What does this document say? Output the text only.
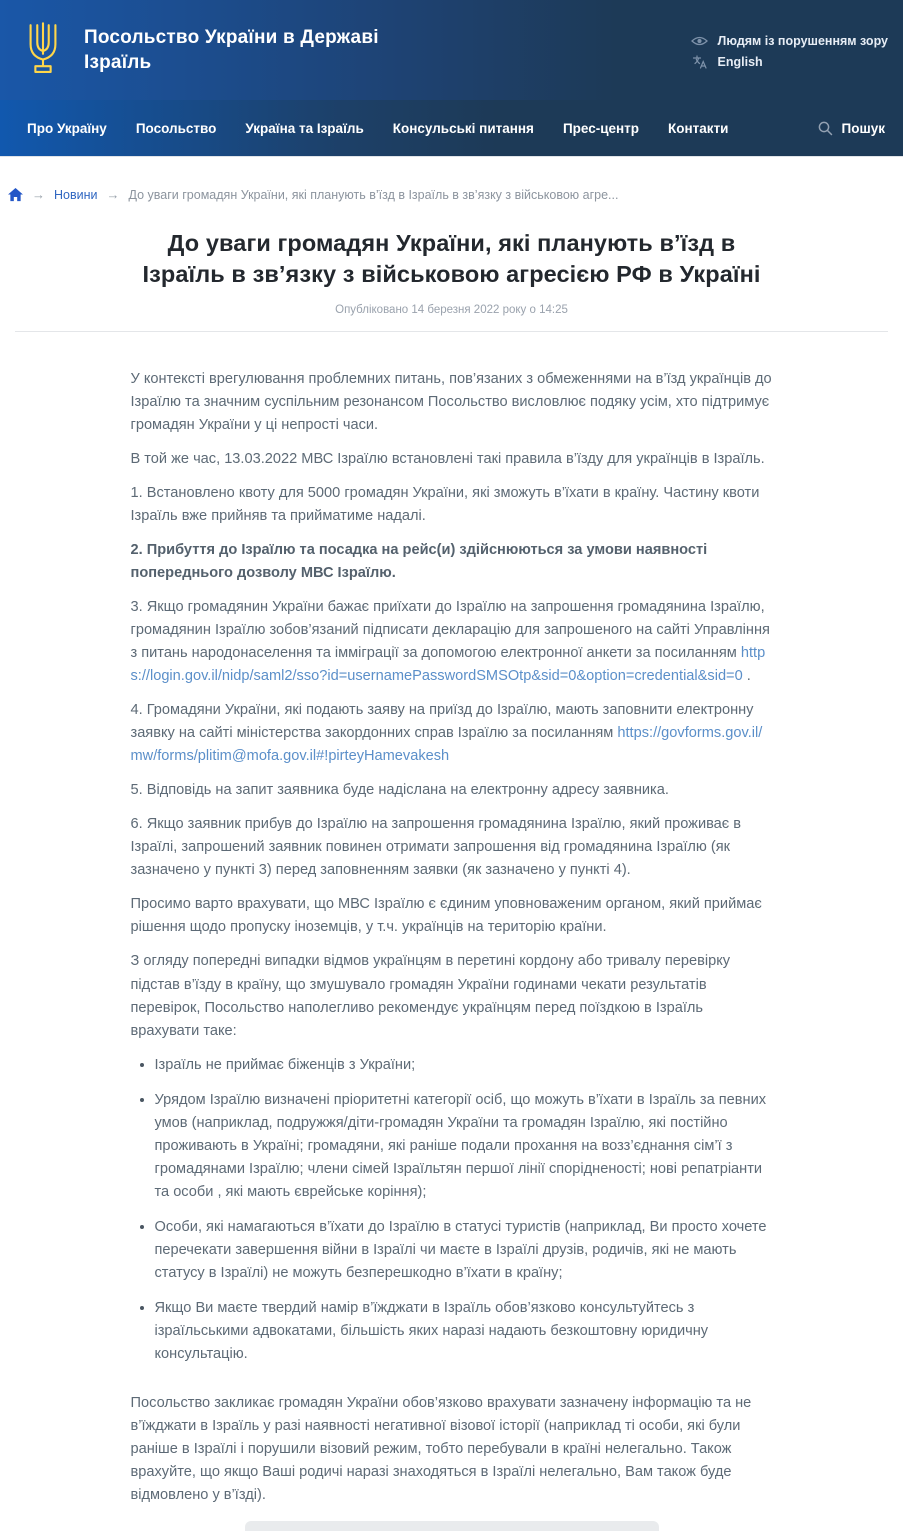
Посольство України в Державі Ізраїль
Людям із порушенням зору
English
Про Україну Посольство Україна та Ізраїль Консульські питання Прес-центр Контакти	Пошук
→ Новини → До уваги громадян України, які планують в’їзд в Ізраїль в зв’язку з військовою агре...
До уваги громадян України, які планують в’їзд в Ізраїль в зв’язку з військовою агресією РФ в Україні
Опубліковано 14 березня 2022 року о 14:25

У контексті врегулювання проблемних питань, пов’язаних з обмеженнями на в’їзд українців до Ізраїлю та значним суспільним резонансом Посольство висловлює подяку усім, хто підтримує громадян України у ці непрості часи.

В той же час, 13.03.2022 МВС Ізраїлю встановлені такі правила в’їзду для українців в Ізраїль.

1. Встановлено квоту для 5000 громадян України, які зможуть в’їхати в країну. Частину квоти Ізраїль вже прийняв та прийматиме надалі.

2. Прибуття до Ізраїлю та посадка на рейс(и) здійснюються за умови наявності попереднього дозволу МВС Ізраїлю.

3. Якщо громадянин України бажає приїхати до Ізраїлю на запрошення громадянина Ізраїлю, громадянин Ізраїлю зобов’язаний підписати декларацію для запрошеного на сайті Управління з питань народонаселення та імміграції за допомогою електронної анкети за посиланням https://login.gov.il/nidp/saml2/sso?id=usernamePasswordSMSOtp&sid=0&option=credential&sid=0 .

4. Громадяни України, які подають заяву на приїзд до Ізраїлю, мають заповнити електронну заявку на сайті міністерства закордонних справ Ізраїлю за посиланням https://govforms.gov.il/mw/forms/plitim@mofa.gov.il#!pirteyHamevakesh

5. Відповідь на запит заявника буде надіслана на електронну адресу заявника.

6. Якщо заявник прибув до Ізраїлю на запрошення громадянина Ізраїлю, який проживає в Ізраїлі, запрошений заявник повинен отримати запрошення від громадянина Ізраїлю (як зазначено у пункті 3) перед заповненням заявки (як зазначено у пункті 4).

Просимо варто врахувати, що МВС Ізраїлю є єдиним уповноваженим органом, який приймає рішення щодо пропуску іноземців, у т.ч. українців на територію країни.

З огляду попередні випадки відмов українцям в перетині кордону або тривалу перевірку підстав в’їзду в країну, що змушувало громадян України годинами чекати результатів перевірок, Посольство наполегливо рекомендує українцям перед поїздкою в Ізраїль врахувати таке:

• Ізраїль не приймає біженців з України;
• Урядом Ізраїлю визначені пріоритетні категорії осіб, що можуть в’їхати в Ізраїль за певних умов (наприклад, подружжя/діти-громадян України та громадян Ізраїлю, які постійно проживають в Україні; громадяни, які раніше подали прохання на возз’єднання сім’ї з громадянами Ізраїлю; члени сімей Ізраїльтян першої лінії спорідненості; нові репатріанти та особи , які мають єврейське коріння);
• Особи, які намагаються в’їхати до Ізраїлю в статусі туристів (наприклад, Ви просто хочете перечекати завершення війни в Ізраїлі чи маєте в Ізраїлі друзів, родичів, які не мають статусу в Ізраїлі) не можуть безперешкодно в’їхати в країну;
• Якщо Ви маєте твердий намір в’їжджати в Ізраїль обов’язково консультуйтесь з ізраїльськими адвокатами, більшість яких наразі надають безкоштовну юридичну консультацію.

Посольство закликає громадян України обов’язково врахувати зазначену інформацію та не в’їжджати в Ізраїль у разі наявності негативної візової історії (наприклад ті особи, які були раніше в Ізраїлі і порушили візовий режим, тобто перебували в країні нелегально. Також врахуйте, що якщо Ваші родичі наразі знаходяться в Ізраїлі нелегально, Вам також буде відмовлено у в’їзді).
